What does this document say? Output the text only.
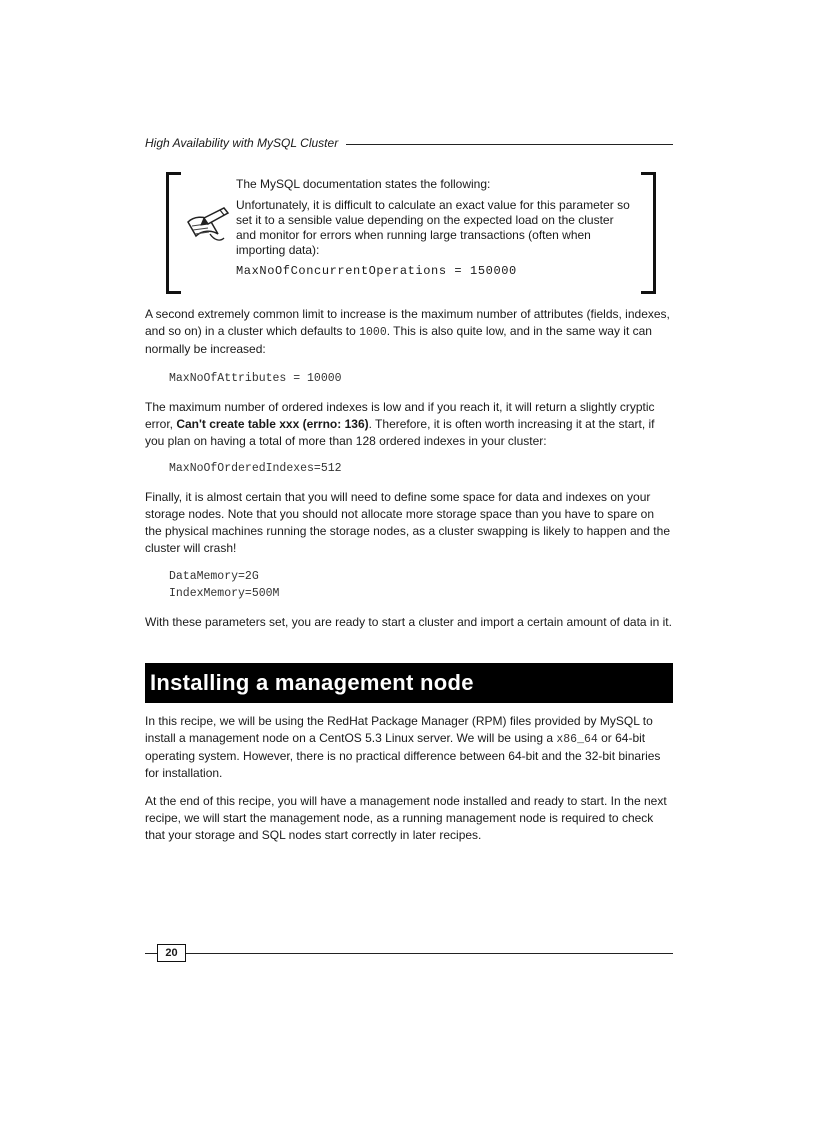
High Availability with MySQL Cluster

The MySQL documentation states the following:

Unfortunately, it is difficult to calculate an exact value for this parameter so set it to a sensible value depending on the expected load on the cluster and monitor for errors when running large transactions (often when importing data):

MaxNoOfConcurrentOperations = 150000

A second extremely common limit to increase is the maximum number of attributes (fields, indexes, and so on) in a cluster which defaults to 1000. This is also quite low, and in the same way it can normally be increased:

MaxNoOfAttributes = 10000

The maximum number of ordered indexes is low and if you reach it, it will return a slightly cryptic error, Can't create table xxx (errno: 136). Therefore, it is often worth increasing it at the start, if you plan on having a total of more than 128 ordered indexes in your cluster:

MaxNoOfOrderedIndexes=512

Finally, it is almost certain that you will need to define some space for data and indexes on your storage nodes. Note that you should not allocate more storage space than you have to spare on the physical machines running the storage nodes, as a cluster swapping is likely to happen and the cluster will crash!

DataMemory=2G
IndexMemory=500M

With these parameters set, you are ready to start a cluster and import a certain amount of data in it.

Installing a management node

In this recipe, we will be using the RedHat Package Manager (RPM) files provided by MySQL to install a management node on a CentOS 5.3 Linux server. We will be using a x86_64 or 64-bit operating system. However, there is no practical difference between 64-bit and the 32-bit binaries for installation.

At the end of this recipe, you will have a management node installed and ready to start. In the next recipe, we will start the management node, as a running management node is required to check that your storage and SQL nodes start correctly in later recipes.

20
